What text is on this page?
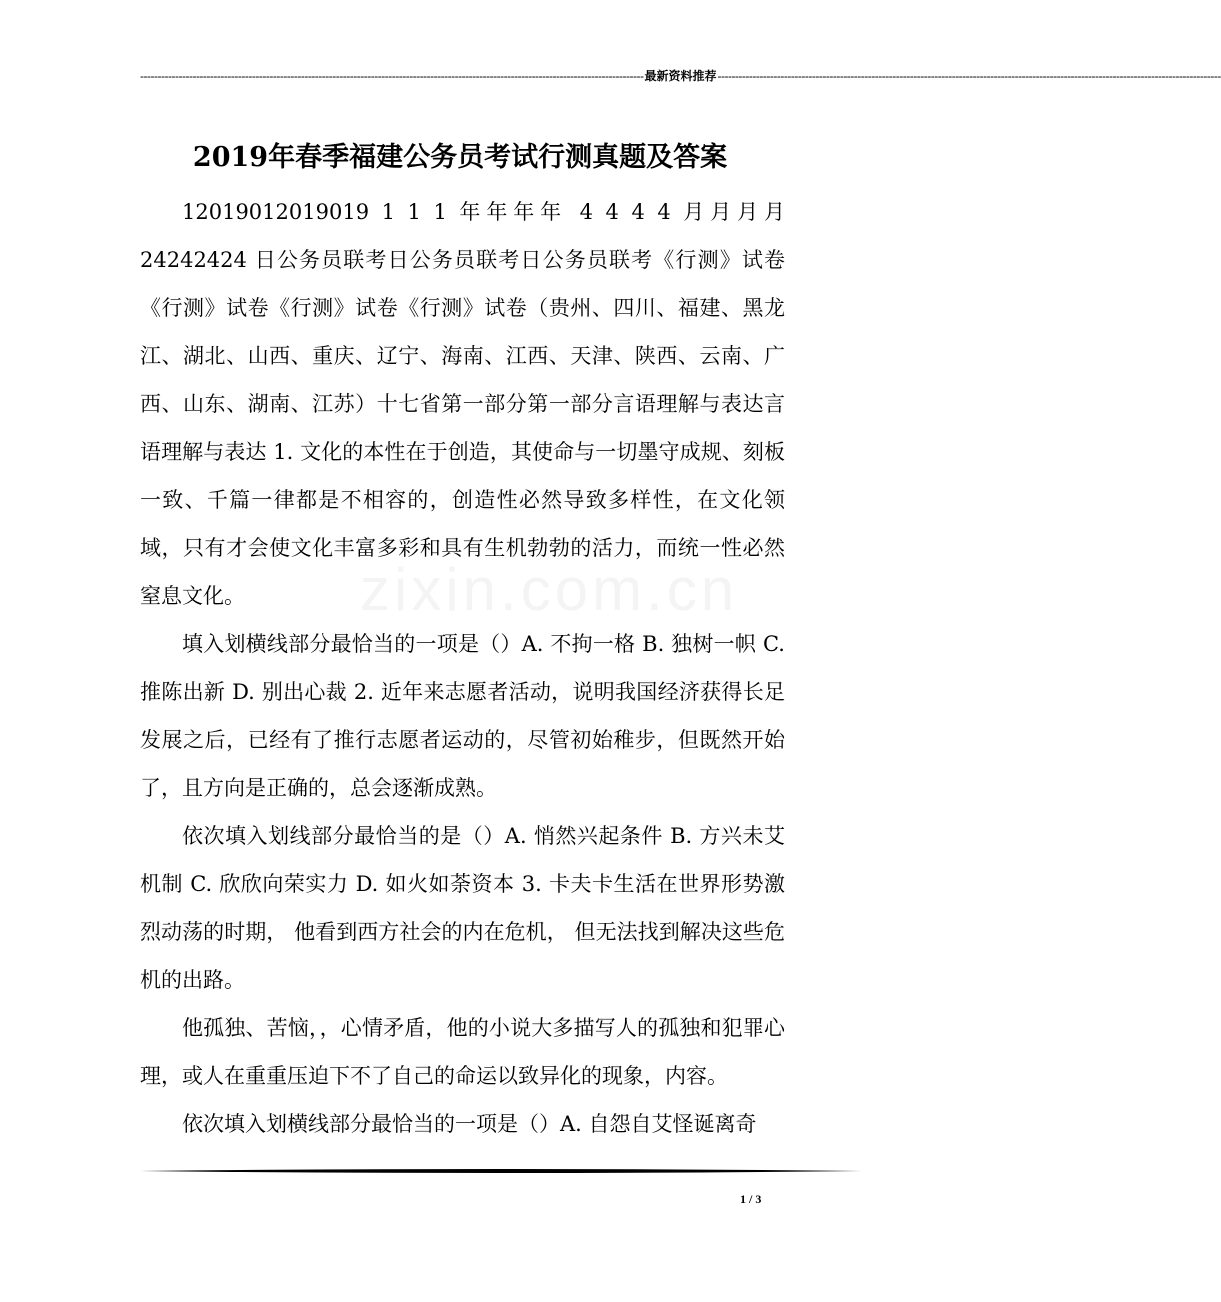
------------------------------------------------------------------------------------------------------------------------------------------------ 最新资料推荐 ------------------------------------------------------------------------------------------------------------------------------------------------
zixin.com.cn
2019年春季福建公务员考试行测真题及答案

12019012019019 1 1 1 年年年年 4 4 4 4 月月月月 24242424 日公务员联考日公务员联考日公务员联考《行测》试卷《行测》试卷《行测》试卷《行测》试卷（贵州、四川、福建、黑龙江、湖北、山西、重庆、辽宁、海南、江西、天津、陕西、云南、广西、山东、湖南、江苏）十七省第一部分第一部分言语理解与表达言语理解与表达 1. 文化的本性在于创造，其使命与一切墨守成规、刻板一致、千篇一律都是不相容的，创造性必然导致多样性，在文化领域，只有才会使文化丰富多彩和具有生机勃勃的活力，而统一性必然窒息文化。

填入划横线部分最恰当的一项是（）A. 不拘一格 B. 独树一帜 C. 推陈出新 D. 别出心裁 2. 近年来志愿者活动，说明我国经济获得长足发展之后，已经有了推行志愿者运动的，尽管初始稚步，但既然开始了，且方向是正确的，总会逐渐成熟。

依次填入划线部分最恰当的是（）A. 悄然兴起条件 B. 方兴未艾机制 C. 欣欣向荣实力 D. 如火如荼资本 3. 卡夫卡生活在世界形势激烈动荡的时期， 他看到西方社会的内在危机， 但无法找到解决这些危机的出路。

他孤独、苦恼，，心情矛盾，他的小说大多描写人的孤独和犯罪心理，或人在重重压迫下不了自己的命运以致异化的现象，内容。

依次填入划横线部分最恰当的一项是（）A. 自怨自艾怪诞离奇

1 / 3
